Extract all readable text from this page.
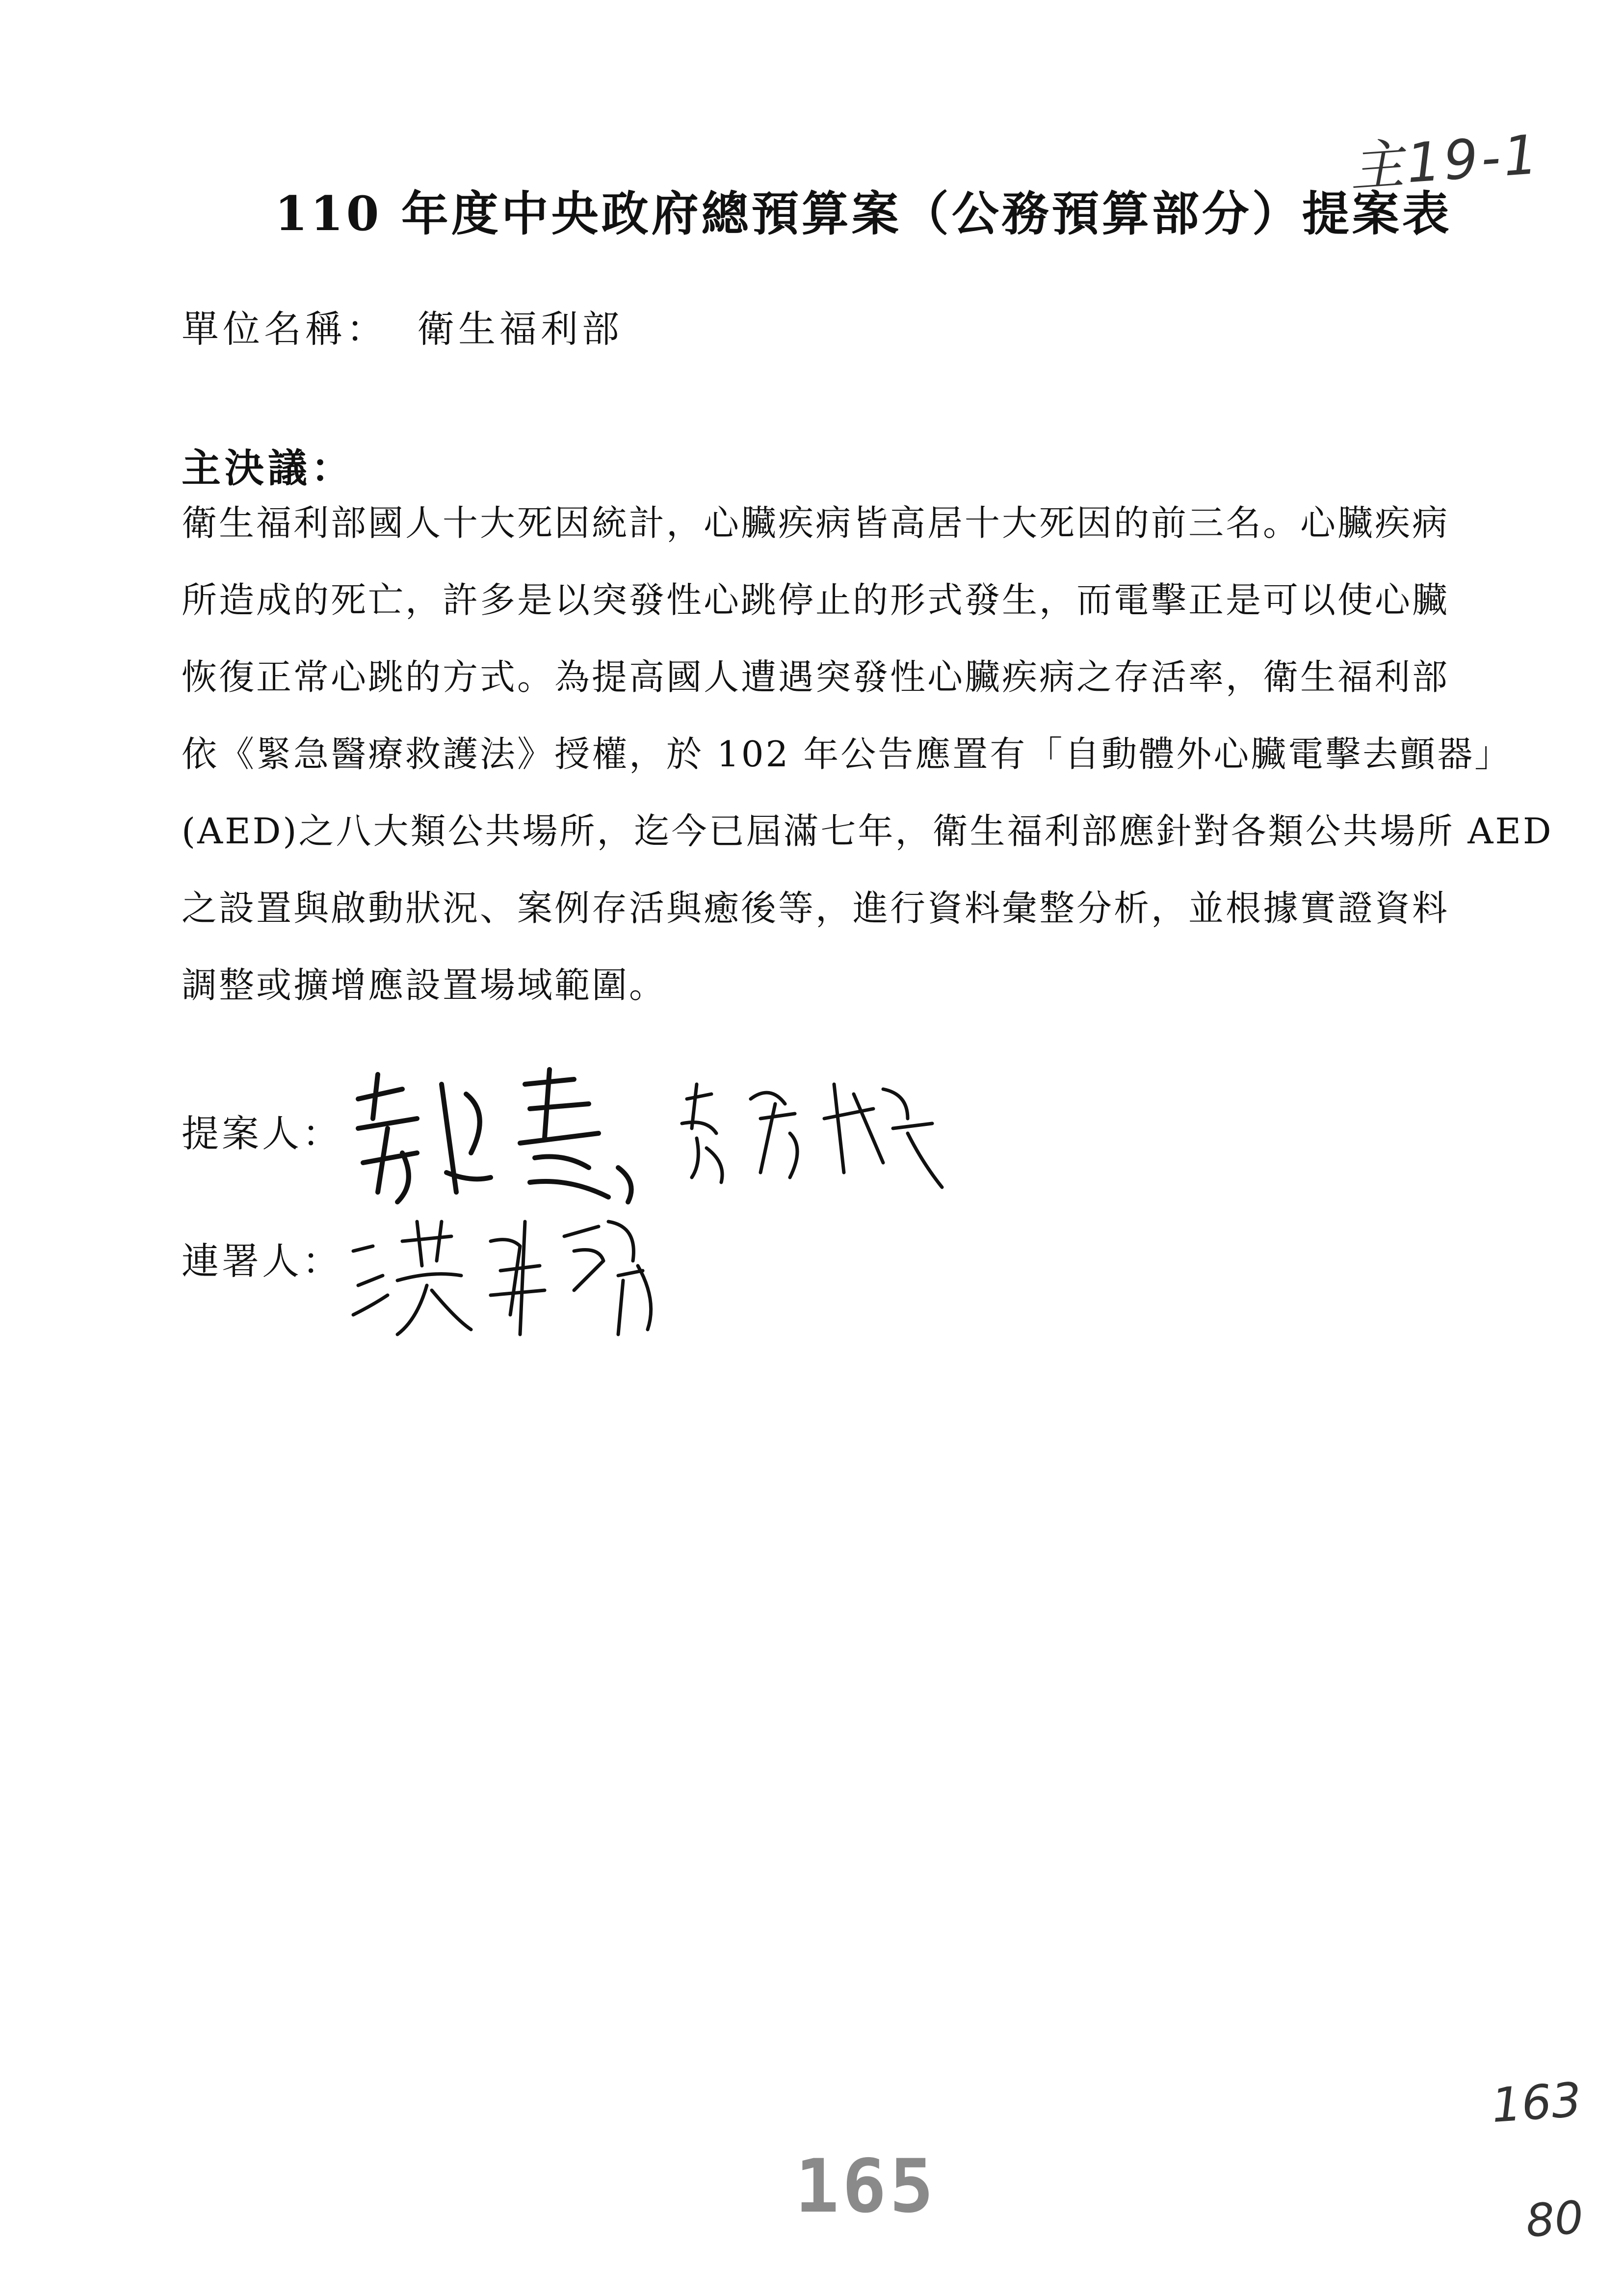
主19-1
110 年度中央政府總預算案（公務預算部分）提案表
單位名稱： 衛生福利部
主決議：
衛生福利部國人十大死因統計，心臟疾病皆高居十大死因的前三名。心臟疾病
所造成的死亡，許多是以突發性心跳停止的形式發生，而電擊正是可以使心臟
恢復正常心跳的方式。為提高國人遭遇突發性心臟疾病之存活率，衛生福利部
依《緊急醫療救護法》授權，於 102 年公告應置有「自動體外心臟電擊去顫器」
(AED)之八大類公共場所，迄今已屆滿七年，衛生福利部應針對各類公共場所 AED
之設置與啟動狀況、案例存活與癒後等，進行資料彙整分析，並根據實證資料
調整或擴增應設置場域範圍。
提案人：
連署人：
165
163
80
